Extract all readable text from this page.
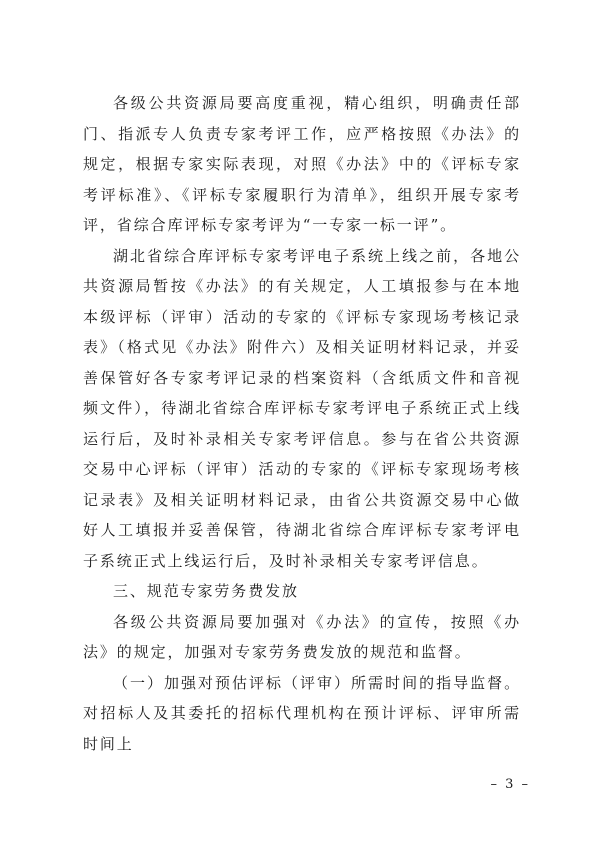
各级公共资源局要高度重视，精心组织，明确责任部门、指派专人负责专家考评工作，应严格按照《办法》的规定，根据专家实际表现，对照《办法》中的《评标专家考评标准》、《评标专家履职行为清单》，组织开展专家考评，省综合库评标专家考评为“一专家一标一评”。

湖北省综合库评标专家考评电子系统上线之前，各地公共资源局暂按《办法》的有关规定，人工填报参与在本地本级评标（评审）活动的专家的《评标专家现场考核记录表》（格式见《办法》附件六）及相关证明材料记录，并妥善保管好各专家考评记录的档案资料（含纸质文件和音视频文件），待湖北省综合库评标专家考评电子系统正式上线运行后，及时补录相关专家考评信息。参与在省公共资源交易中心评标（评审）活动的专家的《评标专家现场考核记录表》及相关证明材料记录，由省公共资源交易中心做好人工填报并妥善保管，待湖北省综合库评标专家考评电子系统正式上线运行后，及时补录相关专家考评信息。

三、规范专家劳务费发放

各级公共资源局要加强对《办法》的宣传，按照《办法》的规定，加强对专家劳务费发放的规范和监督。

（一）加强对预估评标（评审）所需时间的指导监督。对招标人及其委托的招标代理机构在预计评标、评审所需时间上

– 3 –
